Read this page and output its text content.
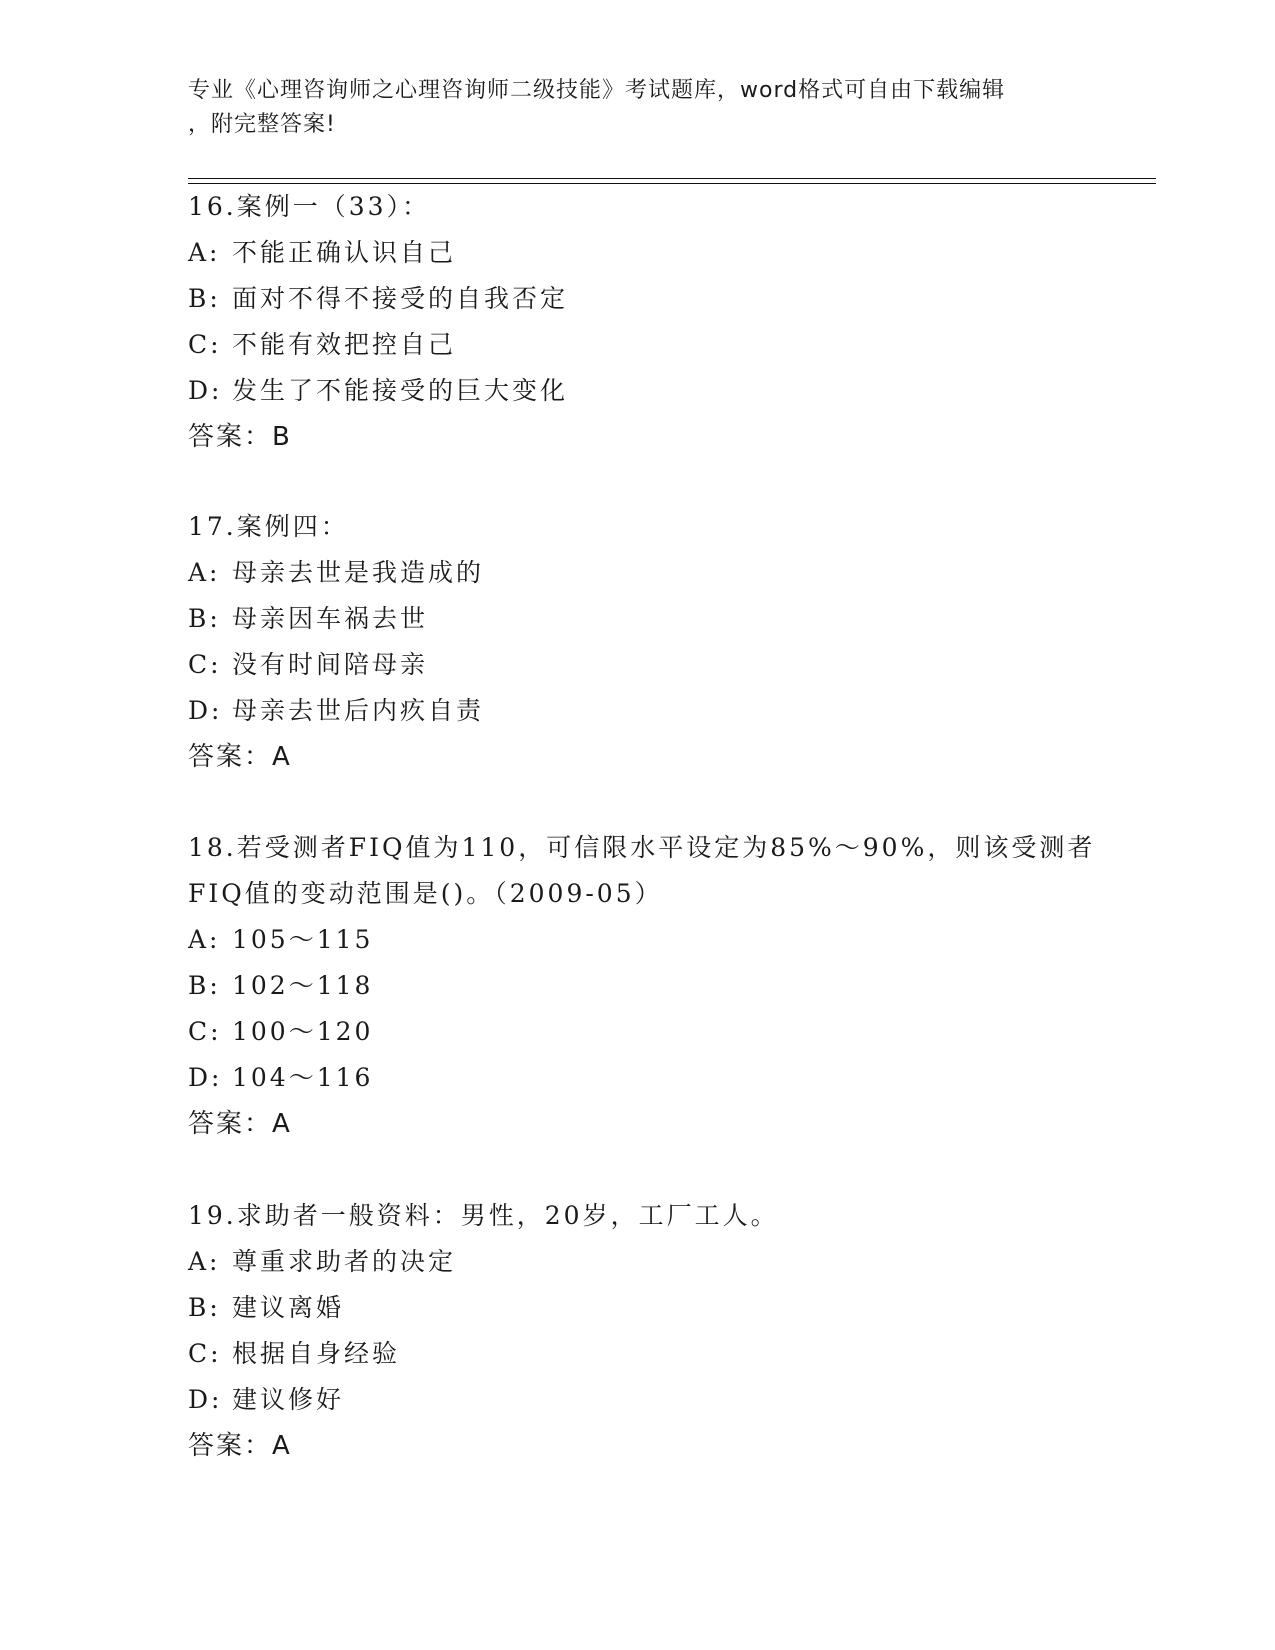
专业《心理咨询师之心理咨询师二级技能》考试题库，word格式可自由下载编辑
，附完整答案!
16.案例一（33）：
A: 不能正确认识自己
B: 面对不得不接受的自我否定
C: 不能有效把控自己
D: 发生了不能接受的巨大变化
答案：B
17.案例四：
A: 母亲去世是我造成的
B: 母亲因车祸去世
C: 没有时间陪母亲
D: 母亲去世后内疚自责
答案：A
18.若受测者FIQ值为110，可信限水平设定为85%～90%，则该受测者
FIQ值的变动范围是()。（2009-05）
A: 105～115
B: 102～118
C: 100～120
D: 104～116
答案：A
19.求助者一般资料：男性，20岁，工厂工人。
A: 尊重求助者的决定
B: 建议离婚
C: 根据自身经验
D: 建议修好
答案：A
